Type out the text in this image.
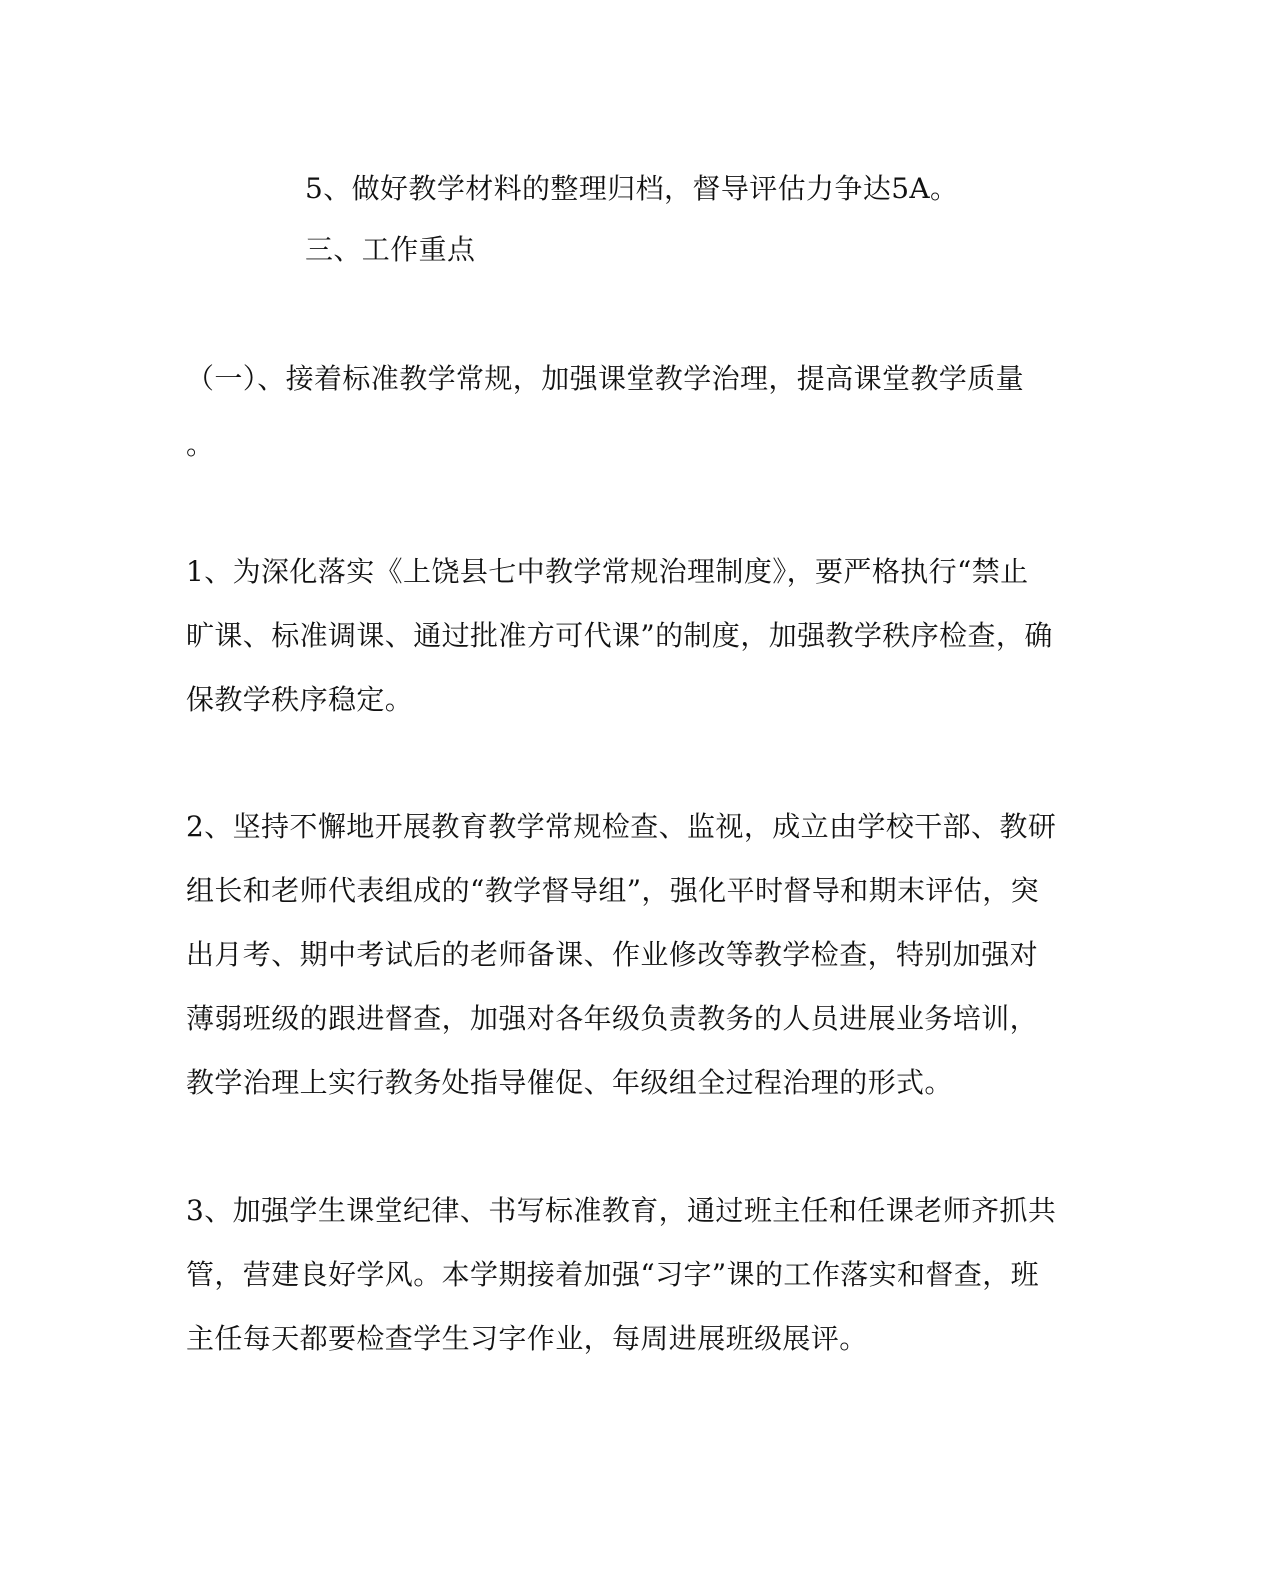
5、做好教学材料的整理归档，督导评估力争达5A。
三、工作重点
（一）、接着标准教学常规，加强课堂教学治理，提高课堂教学质量
。
1、为深化落实《上饶县七中教学常规治理制度》，要严格执行“禁止
旷课、标准调课、通过批准方可代课”的制度，加强教学秩序检查，确
保教学秩序稳定。
2、坚持不懈地开展教育教学常规检查、监视，成立由学校干部、教研
组长和老师代表组成的“教学督导组”，强化平时督导和期末评估，突
出月考、期中考试后的老师备课、作业修改等教学检查，特别加强对
薄弱班级的跟进督查，加强对各年级负责教务的人员进展业务培训，
教学治理上实行教务处指导催促、年级组全过程治理的形式。
3、加强学生课堂纪律、书写标准教育，通过班主任和任课老师齐抓共
管，营建良好学风。本学期接着加强“习字”课的工作落实和督查，班
主任每天都要检查学生习字作业，每周进展班级展评。
